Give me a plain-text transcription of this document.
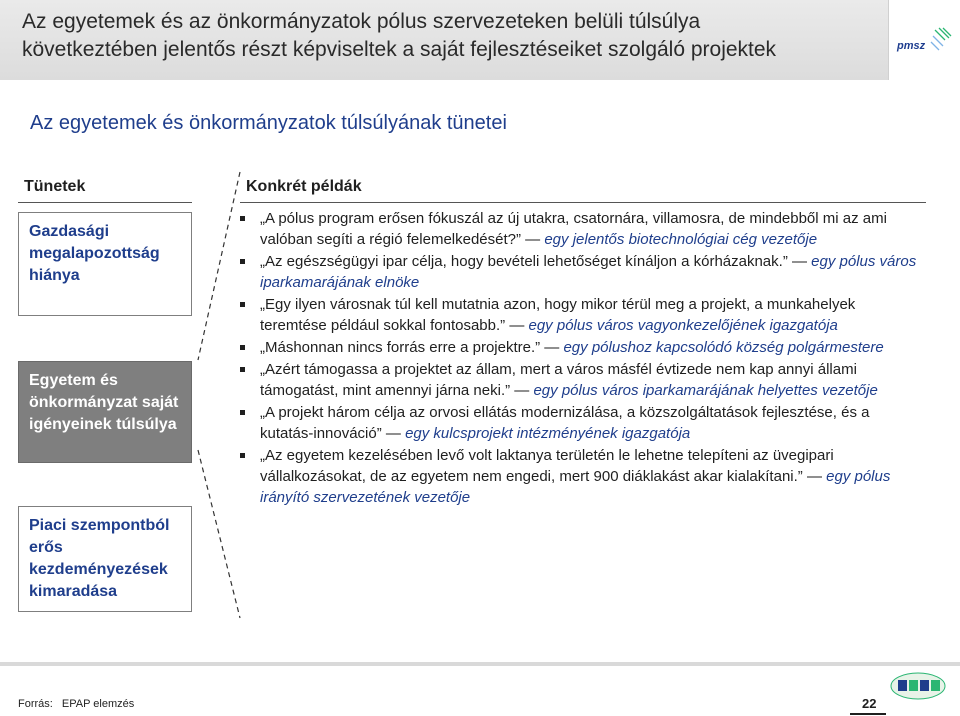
Az egyetemek és az önkormányzatok pólus szervezeteken belüli túlsúlya
következtében jelentős részt képviseltek a saját fejlesztéseiket szolgáló projektek	pmsz
Az egyetemek és önkormányzatok túlsúlyának tünetei
Tünetek	Konkrét példák
Gazdasági megalapozottság hiánya
Egyetem és önkormányzat saját igényeinek túlsúlya
Piaci szempontból erős kezdeményezések kimaradása
„A pólus program erősen fókuszál az új utakra, csatornára, villamosra, de mindebből mi az ami valóban segíti a régió felemelkedését?” — egy jelentős biotechnológiai cég vezetője
„Az egészségügyi ipar célja, hogy bevételi lehetőséget kínáljon a kórházaknak.” — egy pólus város iparkamarájának elnöke
„Egy ilyen városnak túl kell mutatnia azon, hogy mikor térül meg a projekt, a munkahelyek teremtése például sokkal fontosabb.” — egy pólus város vagyonkezelőjének igazgatója
„Máshonnan nincs forrás erre a projektre.” — egy pólushoz kapcsolódó község polgármestere
„Azért támogassa a projektet az állam, mert a város másfél évtizede nem kap annyi állami támogatást, mint amennyi járna neki.” — egy pólus város iparkamarájának helyettes vezetője
„A projekt három célja az orvosi ellátás modernizálása, a közszolgáltatások fejlesztése, és a kutatás-innováció” — egy kulcsprojekt intézményének igazgatója
„Az egyetem kezelésében levő volt laktanya területén le lehetne telepíteni az üvegipari vállalkozásokat, de az egyetem nem engedi, mert 900 diáklakást akar kialakítani.” — egy pólus irányító szervezetének vezetője
Forrás: EPAP elemzés	22
